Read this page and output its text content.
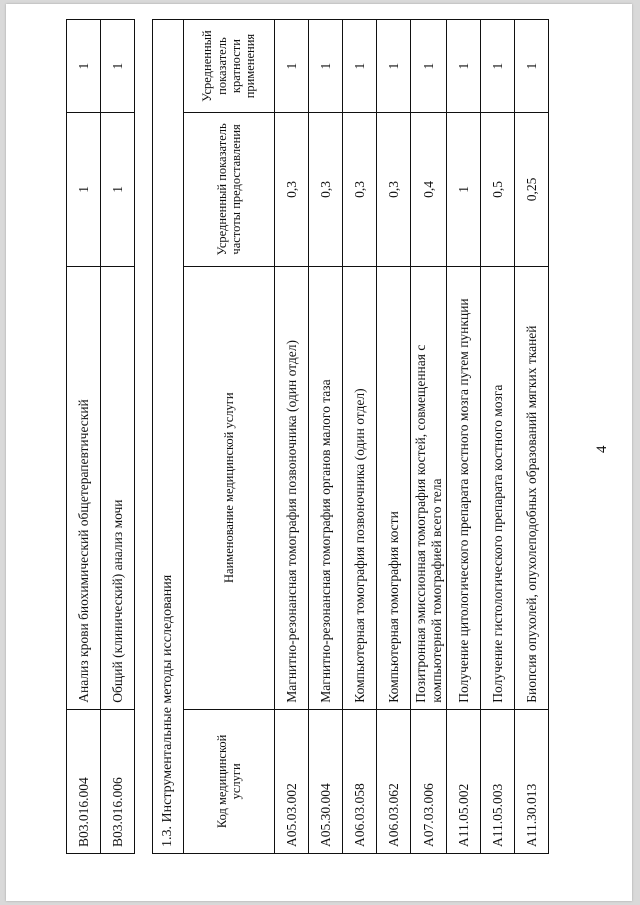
4
B03.016.004	Анализ крови биохимический общетерапевтический	1	1
B03.016.006	Общий (клинический) анализ мочи	1	1
1.3. Инструментальные методы исследования			
Код медицинской услуги	Наименование медицинской услуги	Усредненный показатель частоты предоставления	Усредненный показатель кратности применения
A05.03.002	Магнитно-резонансная томография позвоночника (один отдел)	0,3	1
A05.30.004	Магнитно-резонансная томография органов малого таза	0,3	1
A06.03.058	Компьютерная томография позвоночника (один отдел)	0,3	1
A06.03.062	Компьютерная томография кости	0,3	1
A07.03.006	Позитронная эмиссионная томография костей, совмещенная с компьютерной томографией всего тела	0,4	1
A11.05.002	Получение цитологического препарата костного мозга путем пункции	1	1
A11.05.003	Получение гистологического препарата костного мозга	0,5	1
A11.30.013	Биопсия опухолей, опухолеподобных образований мягких тканей	0,25	1
